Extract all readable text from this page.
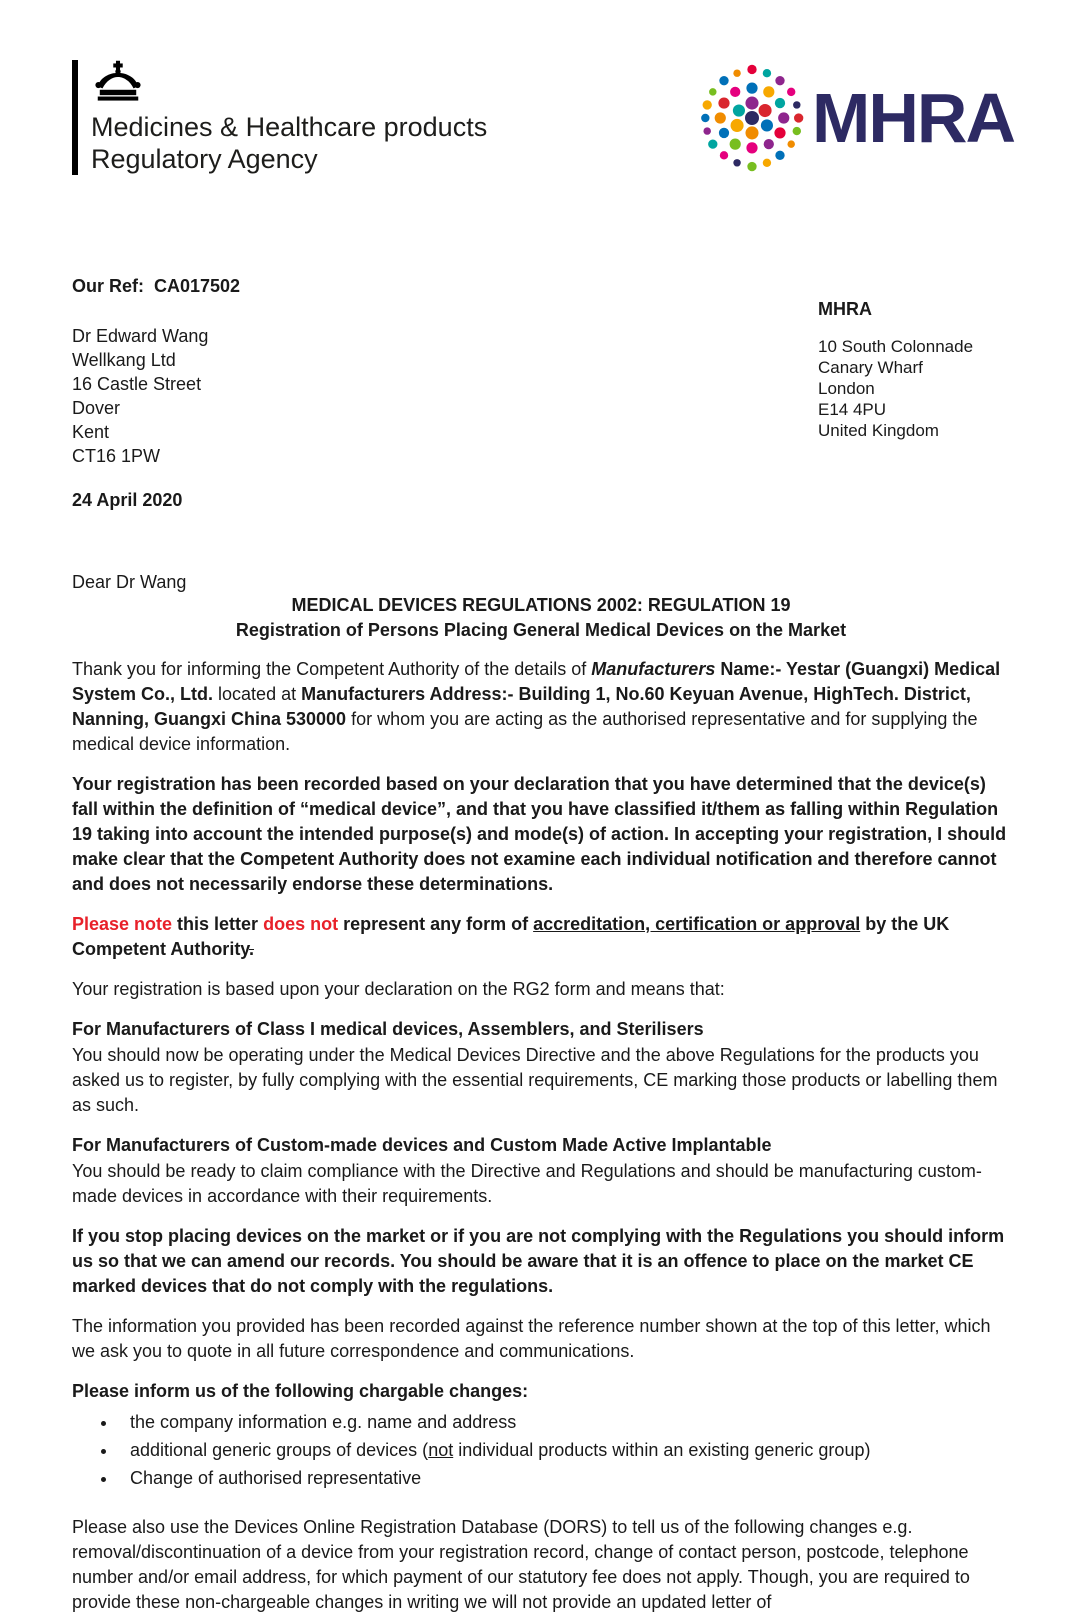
Medicines & Healthcare products
Regulatory Agency
MHRA
Our Ref: CA017502
Dr Edward Wang
Wellkang Ltd
16 Castle Street
Dover
Kent
CT16 1PW
24 April 2020
MHRA
10 South Colonnade
Canary Wharf
London
E14 4PU
United Kingdom
Dear Dr Wang

MEDICAL DEVICES REGULATIONS 2002: REGULATION 19

Registration of Persons Placing General Medical Devices on the Market

Thank you for informing the Competent Authority of the details of Manufacturers Name:- Yestar (Guangxi) Medical System Co., Ltd. located at Manufacturers Address:- Building 1, No.60 Keyuan Avenue, HighTech. District, Nanning, Guangxi China 530000 for whom you are acting as the authorised representative and for supplying the medical device information.

Your registration has been recorded based on your declaration that you have determined that the device(s) fall within the definition of “medical device”, and that you have classified it/them as falling within Regulation 19 taking into account the intended purpose(s) and mode(s) of action. In accepting your registration, I should make clear that the Competent Authority does not examine each individual notification and therefore cannot and does not necessarily endorse these determinations.

Please note this letter does not represent any form of accreditation, certification or approval by the UK Competent Authority.

Your registration is based upon your declaration on the RG2 form and means that:

For Manufacturers of Class I medical devices, Assemblers, and Sterilisers

You should now be operating under the Medical Devices Directive and the above Regulations for the products you asked us to register, by fully complying with the essential requirements, CE marking those products or labelling them as such.

For Manufacturers of Custom-made devices and Custom Made Active Implantable

You should be ready to claim compliance with the Directive and Regulations and should be manufacturing custom-made devices in accordance with their requirements.

If you stop placing devices on the market or if you are not complying with the Regulations you should inform us so that we can amend our records. You should be aware that it is an offence to place on the market CE marked devices that do not comply with the regulations.

The information you provided has been recorded against the reference number shown at the top of this letter, which we ask you to quote in all future correspondence and communications.

Please inform us of the following chargable changes:

• the company information e.g. name and address
• additional generic groups of devices (not individual products within an existing generic group)
• Change of authorised representative

Please also use the Devices Online Registration Database (DORS) to tell us of the following changes e.g. removal/discontinuation of a device from your registration record, change of contact person, postcode, telephone number and/or email address, for which payment of our statutory fee does not apply. Though, you are required to provide these non-chargeable changes in writing we will not provide an updated letter of
